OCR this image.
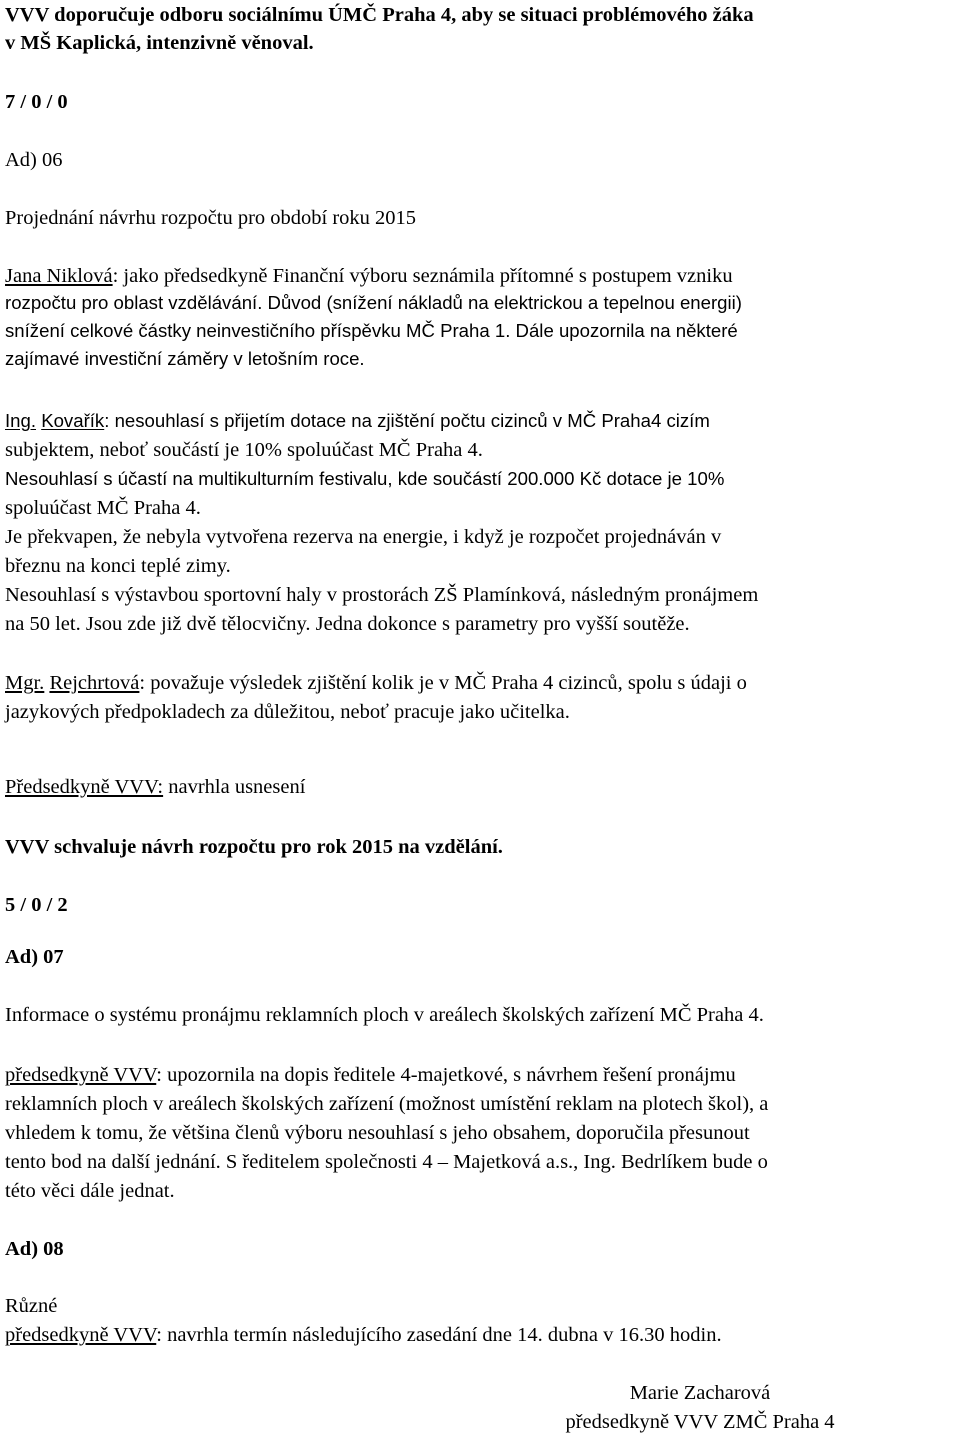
VVV doporučuje odboru sociálnímu ÚMČ Praha 4, aby se situaci problémového žáka
v MŠ Kaplická, intenzivně věnoval.
7 / 0 / 0
Ad) 06
Projednání návrhu rozpočtu pro období roku 2015
Jana Niklová: jako předsedkyně Finanční výboru seznámila přítomné s postupem vzniku
rozpočtu pro oblast vzdělávání. Důvod (snížení nákladů na elektrickou a tepelnou energii)
snížení celkové částky neinvestičního příspěvku MČ Praha 1. Dále upozornila na některé
zajímavé investiční záměry v letošním roce.
Ing. Kovařík: nesouhlasí s přijetím dotace na zjištění počtu cizinců v MČ Praha4 cizím
subjektem, neboť součástí je 10% spoluúčast MČ Praha 4.
Nesouhlasí s účastí na multikulturním festivalu, kde součástí 200.000 Kč dotace je 10%
spoluúčast MČ Praha 4.
Je překvapen, že nebyla vytvořena rezerva na energie, i když je rozpočet projednáván v
březnu na konci teplé zimy.
Nesouhlasí s výstavbou sportovní haly v prostorách ZŠ Plamínková, následným pronájmem
na 50 let. Jsou zde již dvě tělocvičny. Jedna dokonce s parametry pro vyšší soutěže.
Mgr. Rejchrtová: považuje výsledek zjištění kolik je v MČ Praha 4 cizinců, spolu s údaji o
jazykových předpokladech za důležitou, neboť pracuje jako učitelka.
Předsedkyně VVV: navrhla usnesení
VVV schvaluje návrh rozpočtu pro rok 2015 na vzdělání.
5 / 0 / 2
Ad) 07
Informace o systému pronájmu reklamních ploch v areálech školských zařízení MČ Praha 4.
předsedkyně VVV: upozornila na dopis ředitele 4-majetkové, s návrhem řešení pronájmu
reklamních ploch v areálech školských zařízení (možnost umístění reklam na plotech škol), a
vhledem k tomu, že většina členů výboru nesouhlasí s jeho obsahem, doporučila přesunout
tento bod na další jednání. S ředitelem společnosti 4 – Majetková a.s., Ing. Bedrlíkem bude o
této věci dále jednat.
Ad) 08
Různé
předsedkyně VVV: navrhla termín následujícího zasedání dne 14. dubna v 16.30 hodin.
Marie Zacharová
předsedkyně VVV ZMČ Praha 4
